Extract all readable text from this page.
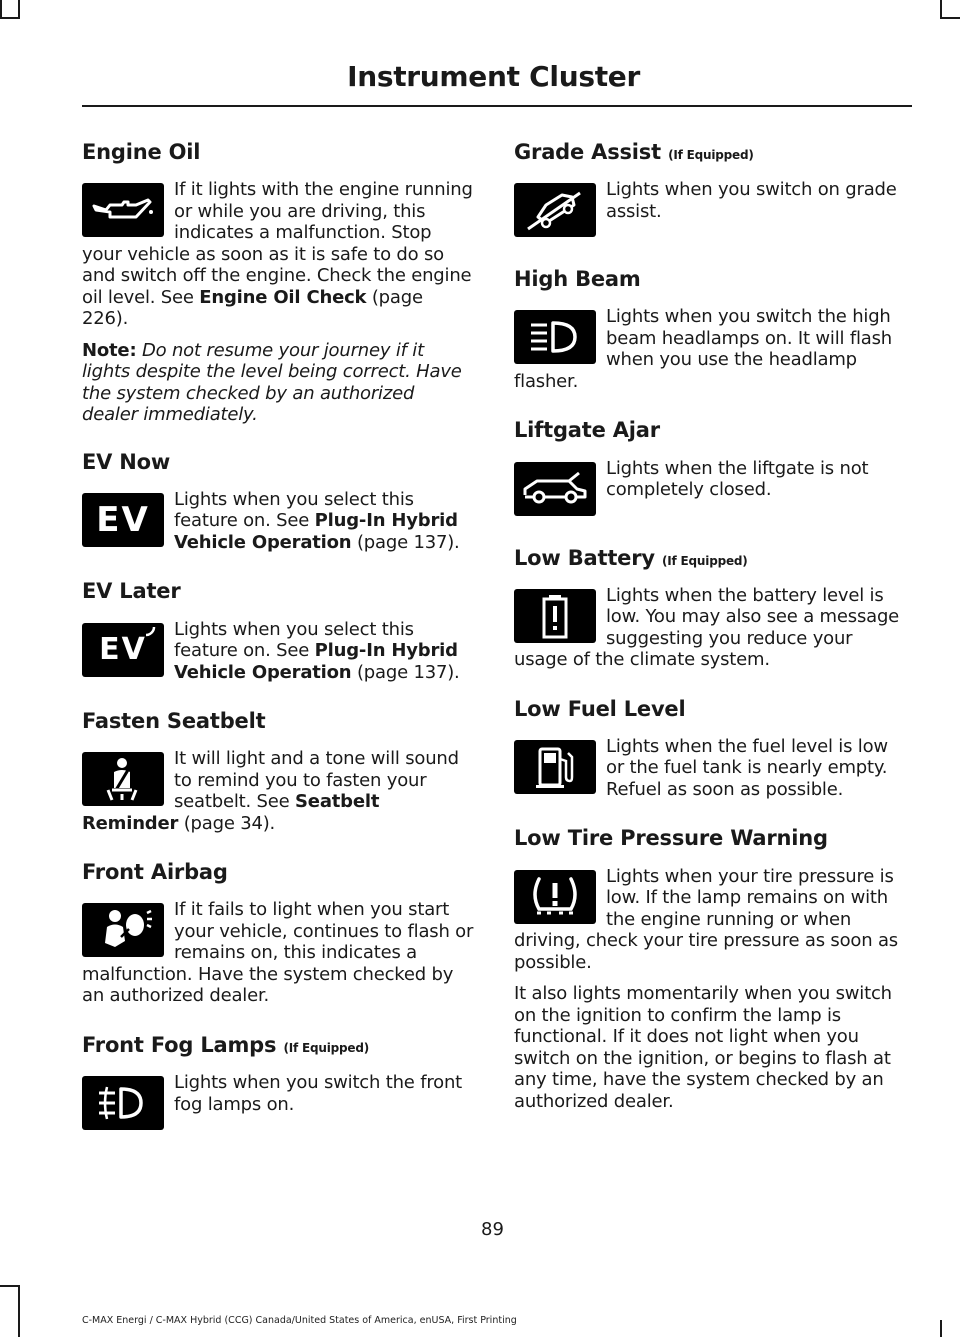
Instrument Cluster
Engine Oil

If it lights with the engine running or while you are driving, this indicates a malfunction. Stop your vehicle as soon as it is safe to do so and switch off the engine. Check the engine oil level. See Engine Oil Check (page 226).

Note: Do not resume your journey if it lights despite the level being correct. Have the system checked by an authorized dealer immediately.

EV Now
EV

Lights when you select this feature on. See Plug-In Hybrid Vehicle Operation (page 137).

EV Later
EV

Lights when you select this feature on. See Plug-In Hybrid Vehicle Operation (page 137).

Fasten Seatbelt

It will light and a tone will sound to remind you to fasten your seatbelt. See Seatbelt Reminder (page 34).

Front Airbag

If it fails to light when you start your vehicle, continues to flash or remains on, this indicates a malfunction. Have the system checked by an authorized dealer.

Front Fog Lamps (If Equipped)

Lights when you switch the front fog lamps on.

Grade Assist (If Equipped)

Lights when you switch on grade assist.

High Beam

Lights when you switch the high beam headlamps on. It will flash when you use the headlamp flasher.

Liftgate Ajar

Lights when the liftgate is not completely closed.

Low Battery (If Equipped)

Lights when the battery level is low. You may also see a message suggesting you reduce your usage of the climate system.

Low Fuel Level

Lights when the fuel level is low or the fuel tank is nearly empty. Refuel as soon as possible.

Low Tire Pressure Warning

Lights when your tire pressure is low. If the lamp remains on with the engine running or when driving, check your tire pressure as soon as possible.

It also lights momentarily when you switch on the ignition to confirm the lamp is functional. If it does not light when you switch on the ignition, or begins to flash at any time, have the system checked by an authorized dealer.

89
C-MAX Energi / C-MAX Hybrid (CCG) Canada/United States of America, enUSA, First Printing
